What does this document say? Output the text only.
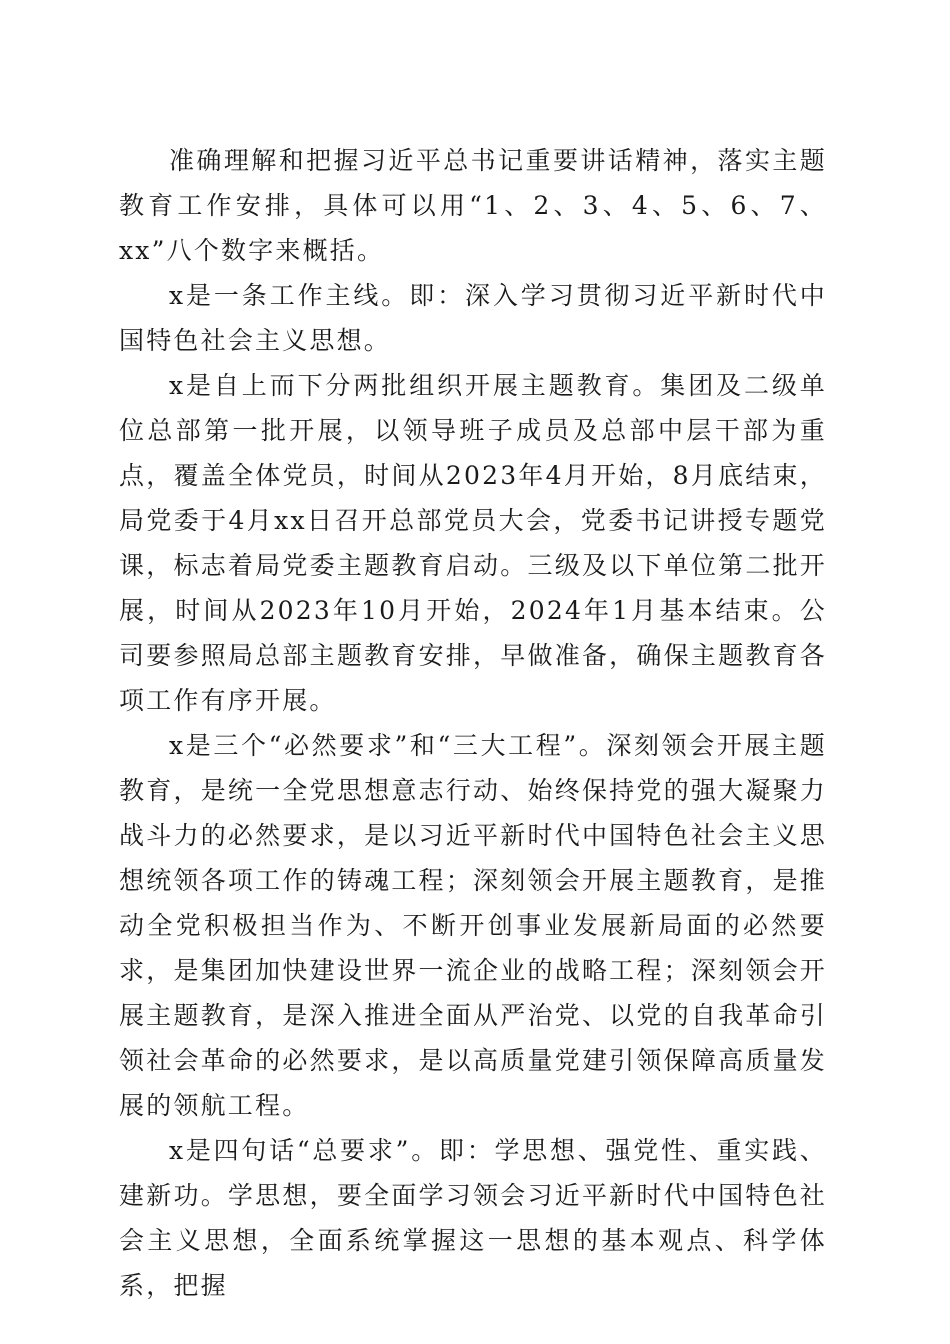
准确理解和把握习近平总书记重要讲话精神，落实主题教育工作安排，具体可以用“1、2、3、4、5、6、7、xx”八个数字来概括。

x是一条工作主线。即：深入学习贯彻习近平新时代中国特色社会主义思想。

x是自上而下分两批组织开展主题教育。集团及二级单位总部第一批开展，以领导班子成员及总部中层干部为重点，覆盖全体党员，时间从2023年4月开始，8月底结束，局党委于4月xx日召开总部党员大会，党委书记讲授专题党课，标志着局党委主题教育启动。三级及以下单位第二批开展，时间从2023年10月开始，2024年1月基本结束。公司要参照局总部主题教育安排，早做准备，确保主题教育各项工作有序开展。

x是三个“必然要求”和“三大工程”。深刻领会开展主题教育，是统一全党思想意志行动、始终保持党的强大凝聚力战斗力的必然要求，是以习近平新时代中国特色社会主义思想统领各项工作的铸魂工程；深刻领会开展主题教育，是推动全党积极担当作为、不断开创事业发展新局面的必然要求，是集团加快建设世界一流企业的战略工程；深刻领会开展主题教育，是深入推进全面从严治党、以党的自我革命引领社会革命的必然要求，是以高质量党建引领保障高质量发展的领航工程。

x是四句话“总要求”。即：学思想、强党性、重实践、建新功。学思想，要全面学习领会习近平新时代中国特色社会主义思想，全面系统掌握这一思想的基本观点、科学体系，把握
